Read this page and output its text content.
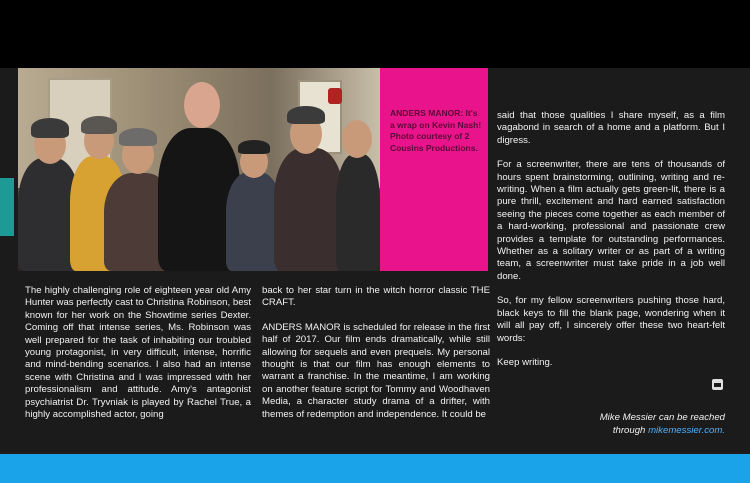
ANDERS MANOR: It's a wrap on Kevin Nash! Photo courtesy of 2 Cousins Productions.

The highly challenging role of eighteen year old Amy Hunter was perfectly cast to Christina Robinson, best known for her work on the Showtime series Dexter. Coming off that intense series, Ms. Robinson was well prepared for the task of inhabiting our troubled young protagonist, in very difficult, intense, horrific and mind-bending scenarios. I also had an intense scene with Christina and I was impressed with her professionalism and attitude. Amy's antagonist psychiatrist Dr. Tryvniak is played by Rachel True, a highly accomplished actor, going

back to her star turn in the witch horror classic THE CRAFT.

ANDERS MANOR is scheduled for release in the first half of 2017. Our film ends dramatically, while still allowing for sequels and even prequels. My personal thought is that our film has enough elements to warrant a franchise. In the meantime, I am working on another feature script for Tommy and Woodhaven Media, a character study drama of a drifter, with themes of redemption and independence. It could be

said that those qualities I share myself, as a film vagabond in search of a home and a platform. But I digress.

For a screenwriter, there are tens of thousands of hours spent brainstorming, outlining, writing and re-writing. When a film actually gets green-lit, there is a pure thrill, excitement and hard earned satisfaction seeing the pieces come together as each member of a hard-working, professional and passionate crew provides a template for outstanding performances. Whether as a solitary writer or as part of a writing team, a screenwriter must take pride in a job well done.

So, for my fellow screenwriters pushing those hard, black keys to fill the blank page, wondering when it will all pay off, I sincerely offer these two heart-felt words:

Keep writing.

Mike Messier can be reached
through mikemessier.com.
